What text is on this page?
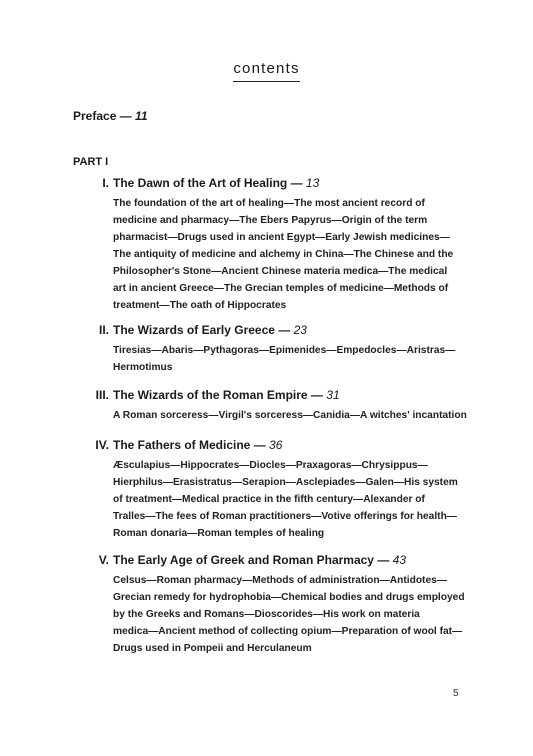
contents
Preface — 11
PART I
I. The Dawn of the Art of Healing — 13
The foundation of the art of healing—The most ancient record of
medicine and pharmacy—The Ebers Papyrus—Origin of the term
pharmacist—Drugs used in ancient Egypt—Early Jewish medicines—
The antiquity of medicine and alchemy in China—The Chinese and the
Philosopher's Stone—Ancient Chinese materia medica—The medical
art in ancient Greece—The Grecian temples of medicine—Methods of
treatment—The oath of Hippocrates
II. The Wizards of Early Greece — 23
Tiresias—Abaris—Pythagoras—Epimenides—Empedocles—Aristras—
Hermotimus
III. The Wizards of the Roman Empire — 31
A Roman sorceress—Virgil's sorceress—Canidia—A witches' incantation
IV. The Fathers of Medicine — 36
Æsculapius—Hippocrates—Diocles—Praxagoras—Chrysippus—
Hierphilus—Erasistratus—Serapion—Asclepiades—Galen—His system
of treatment—Medical practice in the fifth century—Alexander of
Tralles—The fees of Roman practitioners—Votive offerings for health—
Roman donaria—Roman temples of healing
V. The Early Age of Greek and Roman Pharmacy — 43
Celsus—Roman pharmacy—Methods of administration—Antidotes—
Grecian remedy for hydrophobia—Chemical bodies and drugs employed
by the Greeks and Romans—Dioscorides—His work on materia
medica—Ancient method of collecting opium—Preparation of wool fat—
Drugs used in Pompeii and Herculaneum
5
